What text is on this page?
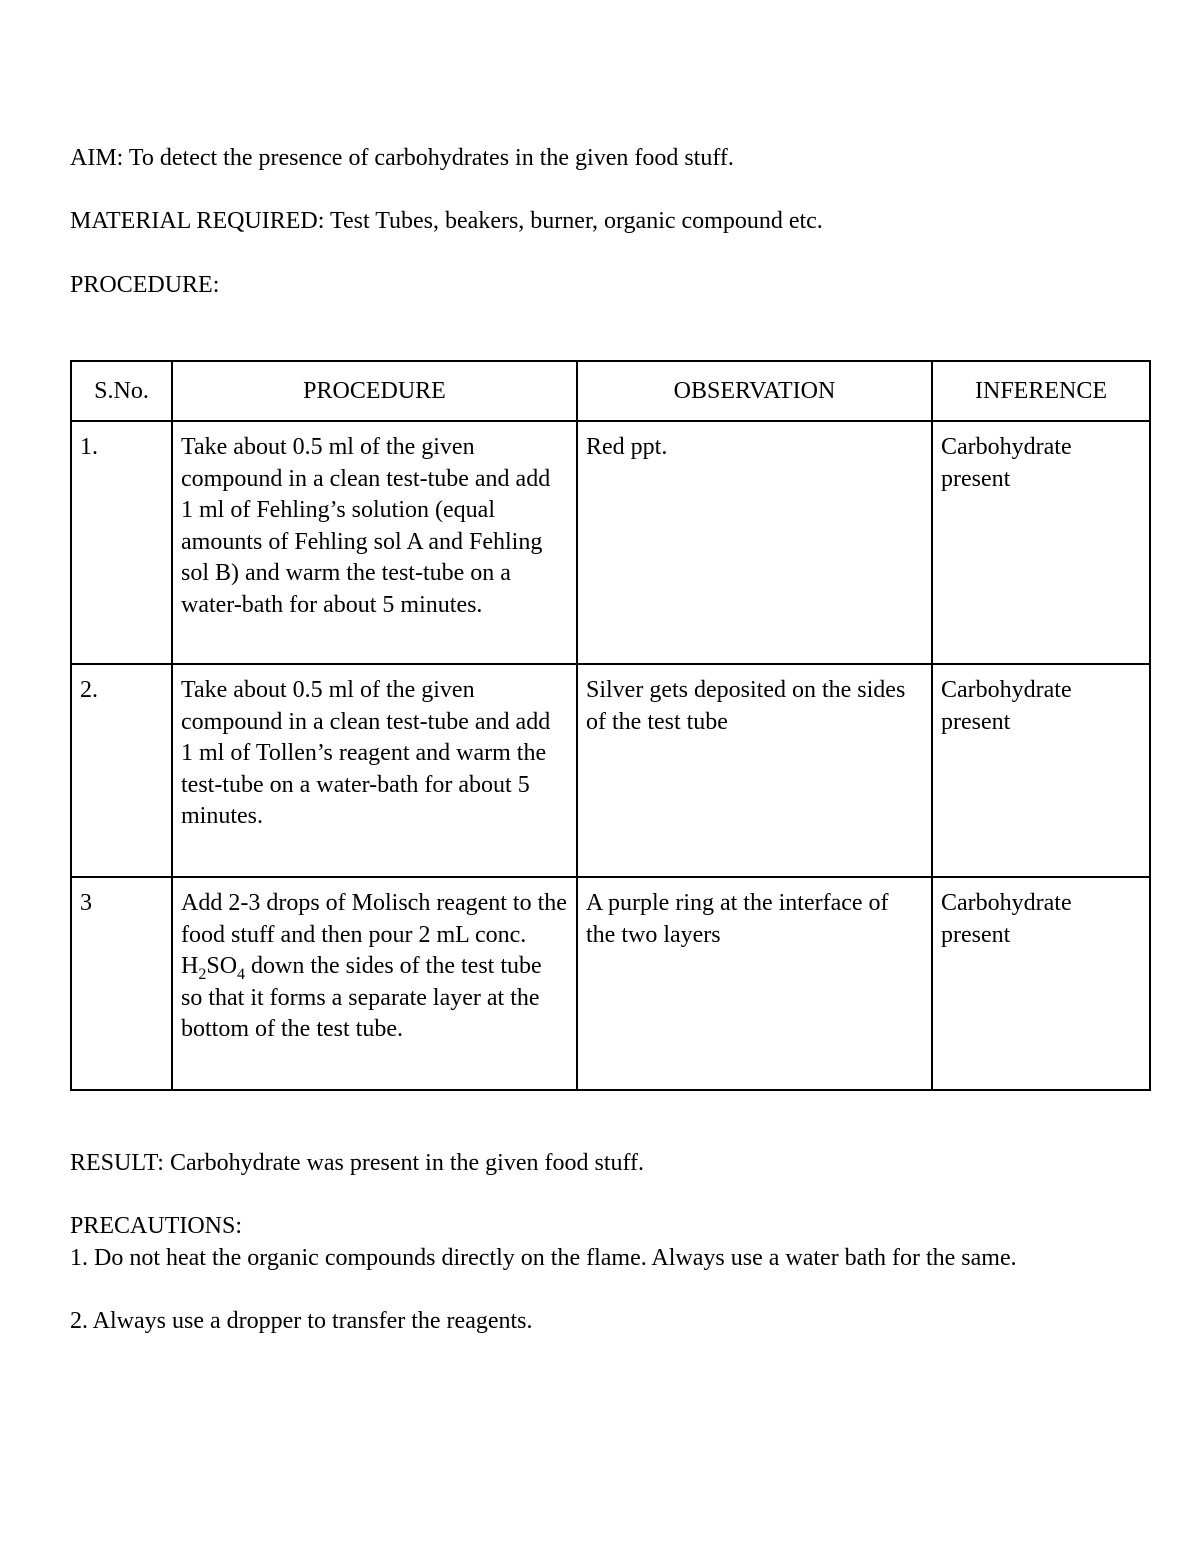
AIM: To detect the presence of carbohydrates in the given food stuff.

MATERIAL REQUIRED: Test Tubes, beakers, burner, organic compound etc.

PROCEDURE:

S.No.	PROCEDURE	OBSERVATION	INFERENCE
1.	Take about 0.5 ml of the given compound in a clean test-tube and add 1 ml of Fehling’s solution (equal amounts of Fehling sol A and Fehling sol B) and warm the test-tube on a water-bath for about 5 minutes.	Red ppt.	Carbohydrate present
2.	Take about 0.5 ml of the given compound in a clean test-tube and add 1 ml of Tollen’s reagent and warm the test-tube on a water-bath for about 5 minutes.	Silver gets deposited on the sides of the test tube	Carbohydrate present
3	Add 2-3 drops of Molisch reagent to the food stuff and then pour 2 mL conc. $H_2SO_4$ down the sides of the test tube so that it forms a separate layer at the bottom of the test tube.	A purple ring at the interface of the two layers	Carbohydrate present

RESULT: Carbohydrate was present in the given food stuff.

PRECAUTIONS:

1. Do not heat the organic compounds directly on the flame. Always use a water bath for the same.

2. Always use a dropper to transfer the reagents.
